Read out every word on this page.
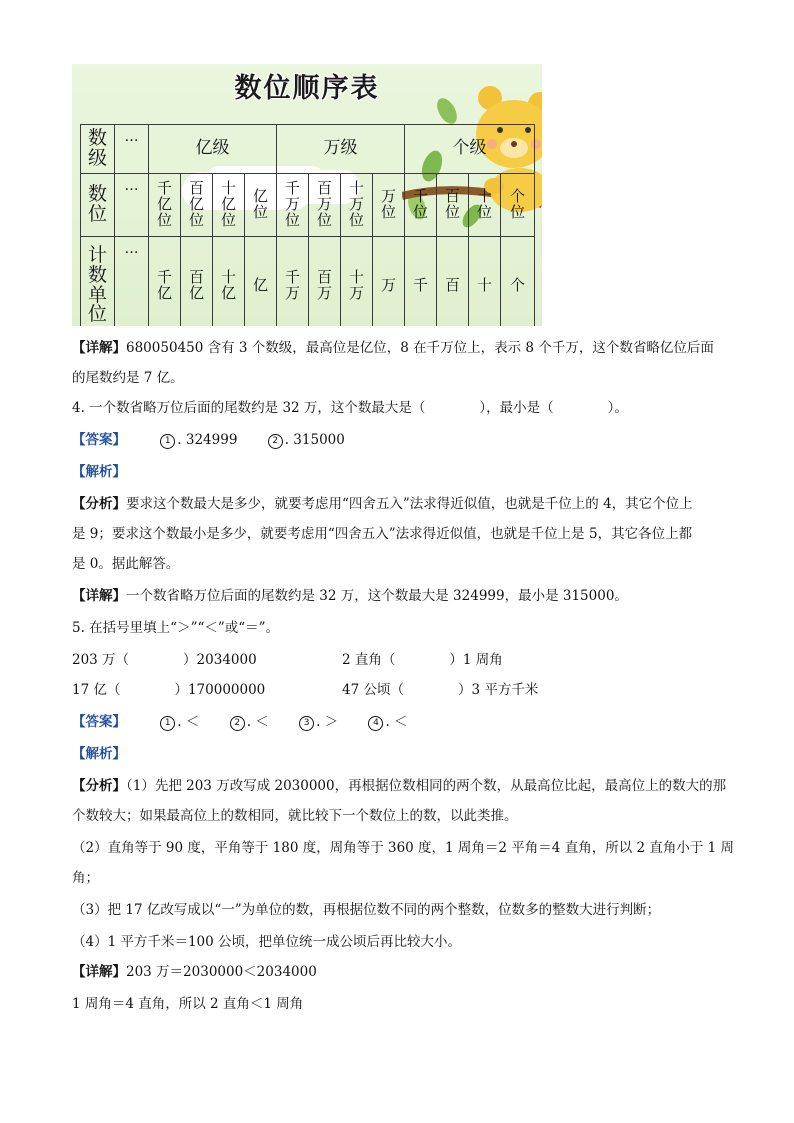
数位顺序表
数级	…	亿级				万级				个级			
数位	…	千亿位	百亿位	十亿位	亿位	千万位	百万位	十万位	万位	千位	百位	十位	个位
计数单位	…	千亿	百亿	十亿	亿	千万	百万	十万	万	千	百	十	个

【详解】680050450 含有 3 个数级，最高位是亿位，8 在千万位上，表示 8 个千万，这个数省略亿位后面

的尾数约是 7 亿。

4. 一个数省略万位后面的尾数约是 32 万，这个数最大是（　　　　），最小是（　　　　）。

【答案】	1 . 324999	2 . 315000

【解析】

【分析】要求这个数最大是多少，就要考虑用“四舍五入”法求得近似值，也就是千位上的 4，其它个位上

是 9；要求这个数最小是多少，就要考虑用“四舍五入”法求得近似值，也就是千位上是 5，其它各位上都

是 0。据此解答。

【详解】一个数省略万位后面的尾数约是 32 万，这个数最大是 324999，最小是 315000。

5. 在括号里填上“＞”“＜”或“＝”。

203 万（　　　　）2034000	2 直角（　　　　）1 周角

17 亿（　　　　）170000000	47 公顷（　　　　）3 平方千米

【答案】	1 . ＜	2 . ＜	3 . ＞	4 . ＜

【解析】

【分析】（1）先把 203 万改写成 2030000，再根据位数相同的两个数，从最高位比起，最高位上的数大的那

个数较大；如果最高位上的数相同，就比较下一个数位上的数，以此类推。

（2）直角等于 90 度，平角等于 180 度，周角等于 360 度，1 周角＝2 平角＝4 直角，所以 2 直角小于 1 周

角；

（3）把 17 亿改写成以“一”为单位的数，再根据位数不同的两个整数，位数多的整数大进行判断；

（4）1 平方千米＝100 公顷，把单位统一成公顷后再比较大小。

【详解】203 万＝2030000＜2034000

1 周角＝4 直角，所以 2 直角＜1 周角
